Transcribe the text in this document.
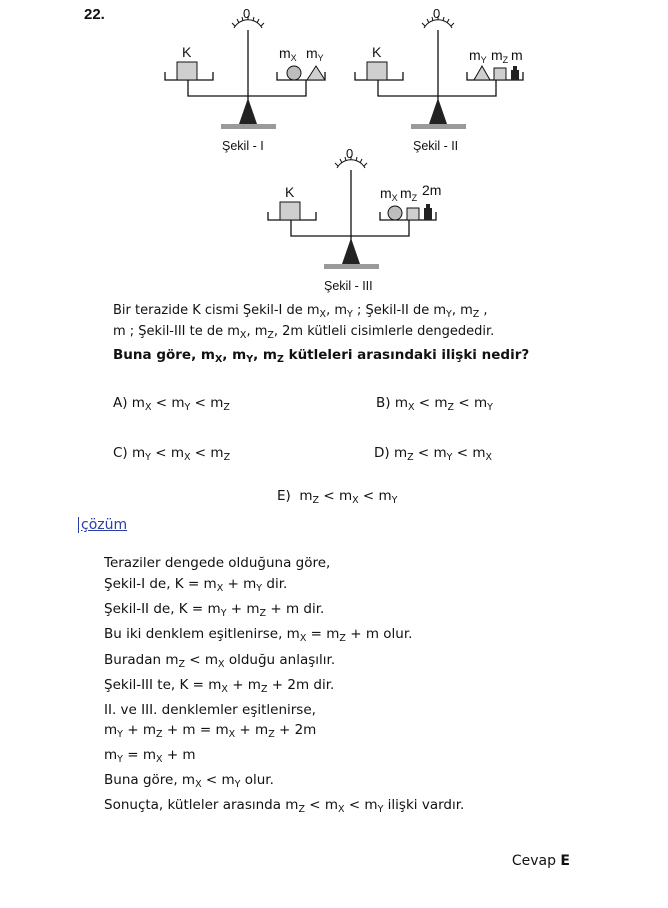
22.	0
K	mX mY
Şekil - I
0
K	mY mZ m
Şekil - II
0
K	mX mZ 2m
Şekil - III
Bir terazide K cismi Şekil-I de $m_X$, $m_Y$ ; Şekil-II de $m_Y$, $m_Z$ ,
m ; Şekil-III te de $m_X$, $m_Z$, 2m kütleli cisimlerle dengededir.
Buna göre, $m_X$, $m_Y$, $m_Z$ kütleleri arasındaki ilişki nedir?
A) $m_X < m_Y < m_Z$	B) $m_X < m_Z < m_Y$
C) $m_Y < m_X < m_Z$	D) $m_Z < m_Y < m_X$
E)  $m_Z < m_X < m_Y$
çözüm
Teraziler dengede olduğuna göre,
Şekil-I de, $K = m_X + m_Y$ dir.
Şekil-II de, $K = m_Y + m_Z + m$ dir.
Bu iki denklem eşitlenirse, $m_X = m_Z + m$ olur.
Buradan $m_Z < m_X$ olduğu anlaşılır.
Şekil-III te, $K = m_X + m_Z + 2m$ dir.
II. ve III. denklemler eşitlenirse,
$m_Y + m_Z + m = m_X + m_Z + 2m$
$m_Y = m_X + m$
Buna göre, $m_X < m_Y$ olur.
Sonuçta, kütleler arasında $m_Z < m_X < m_Y$ ilişki vardır.
Cevap E
